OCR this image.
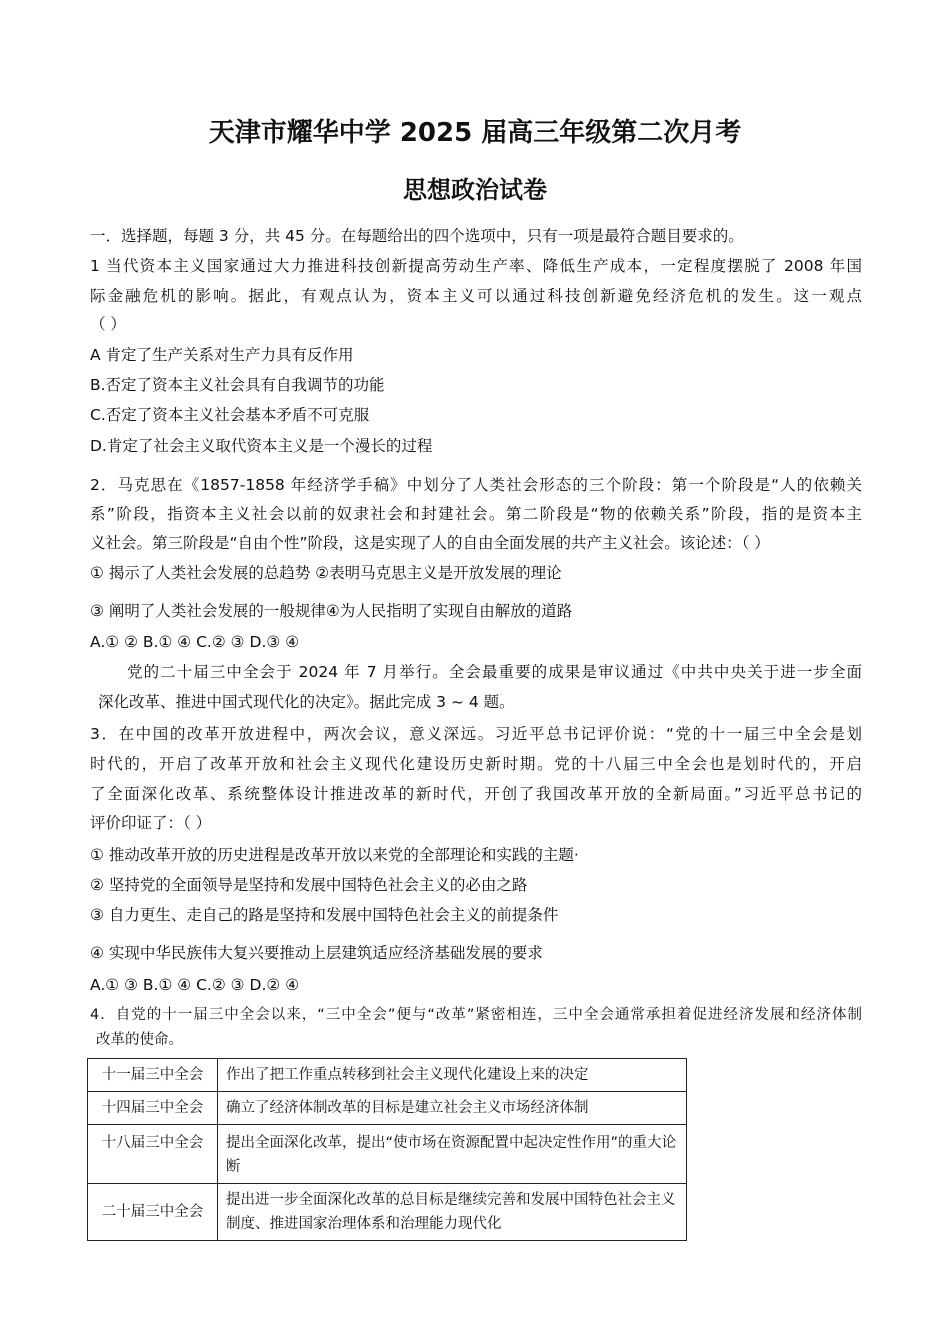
天津市耀华中学 2025 届高三年级第二次月考
思想政治试卷
一．选择题，每题 3 分，共 45 分。在每题给出的四个选项中，只有一项是最符合题目要求的。
1 当代资本主义国家通过大力推进科技创新提高劳动生产率、降低生产成本，一定程度摆脱了 2008 年国
际金融危机的影响。据此，有观点认为，资本主义可以通过科技创新避免经济危机的发生。这一观点
（ ）
A 肯定了生产关系对生产力具有反作用
B.否定了资本主义社会具有自我调节的功能
C.否定了资本主义社会基本矛盾不可克服
D.肯定了社会主义取代资本主义是一个漫长的过程
2．马克思在《1857-1858 年经济学手稿》中划分了人类社会形态的三个阶段：第一个阶段是“人的依赖关
系”阶段，指资本主义社会以前的奴隶社会和封建社会。第二阶段是“物的依赖关系”阶段，指的是资本主
义社会。第三阶段是“自由个性”阶段，这是实现了人的自由全面发展的共产主义社会。该论述：（ ）
① 揭示了人类社会发展的总趋势 ②表明马克思主义是开放发展的理论
③ 阐明了人类社会发展的一般规律④为人民指明了实现自由解放的道路
A.① ② B.① ④ C.② ③ D.③ ④
党的二十届三中全会于 2024 年 7 月举行。全会最重要的成果是审议通过《中共中央关于进一步全面
深化改革、推进中国式现代化的决定》。据此完成 3 ~ 4 题。
3．在中国的改革开放进程中，两次会议，意义深远。习近平总书记评价说：“党的十一届三中全会是划
时代的，开启了改革开放和社会主义现代化建设历史新时期。党的十八届三中全会也是划时代的，开启
了全面深化改革、系统整体设计推进改革的新时代，开创了我国改革开放的全新局面。”习近平总书记的
评价印证了：（ ）
① 推动改革开放的历史进程是改革开放以来党的全部理论和实践的主题·
② 坚持党的全面领导是坚持和发展中国特色社会主义的必由之路
③ 自力更生、走自己的路是坚持和发展中国特色社会主义的前提条件
④ 实现中华民族伟大复兴要推动上层建筑适应经济基础发展的要求
A.① ③ B.① ④ C.② ③ D.② ④
4．自党的十一届三中全会以来，“三中全会”便与“改革”紧密相连，三中全会通常承担着促进经济发展和经济体制
改革的使命。
十一届三中全会	作出了把工作重点转移到社会主义现代化建设上来的决定
十四届三中全会	确立了经济体制改革的目标是建立社会主义市场经济体制
十八届三中全会	提出全面深化改革，提出“使市场在资源配置中起决定性作用”的重大论断
二十届三中全会	提出进一步全面深化改革的总目标是继续完善和发展中国特色社会主义制度、推进国家治理体系和治理能力现代化
